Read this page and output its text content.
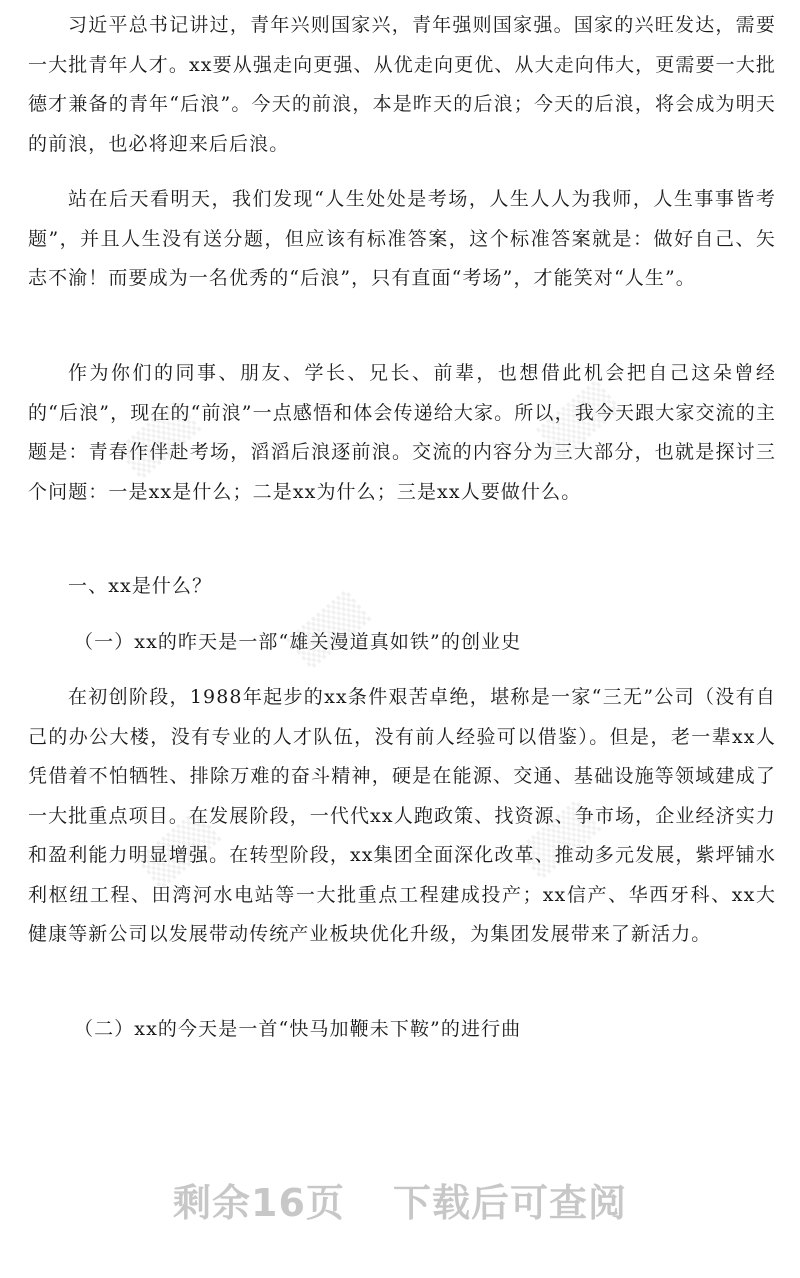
▒▒▒	▒▒▒
▒▒▒
▒▒▒	▒▒▒

习近平总书记讲过，青年兴则国家兴，青年强则国家强。国家的兴旺发达，需要一大批青年人才。xx要从强走向更强、从优走向更优、从大走向伟大，更需要一大批德才兼备的青年“后浪”。今天的前浪，本是昨天的后浪；今天的后浪，将会成为明天的前浪，也必将迎来后后浪。

站在后天看明天，我们发现“人生处处是考场，人生人人为我师，人生事事皆考题”，并且人生没有送分题，但应该有标准答案，这个标准答案就是：做好自己、矢志不渝！而要成为一名优秀的“后浪”，只有直面“考场”，才能笑对“人生”。

作为你们的同事、朋友、学长、兄长、前辈，也想借此机会把自己这朵曾经的“后浪”，现在的“前浪”一点感悟和体会传递给大家。所以，我今天跟大家交流的主题是：青春作伴赴考场，滔滔后浪逐前浪。交流的内容分为三大部分，也就是探讨三个问题：一是xx是什么；二是xx为什么；三是xx人要做什么。

一、xx是什么？

（一）xx的昨天是一部“雄关漫道真如铁”的创业史

在初创阶段，1988年起步的xx条件艰苦卓绝，堪称是一家“三无”公司（没有自己的办公大楼，没有专业的人才队伍，没有前人经验可以借鉴）。但是，老一辈xx人凭借着不怕牺牲、排除万难的奋斗精神，硬是在能源、交通、基础设施等领域建成了一大批重点项目。在发展阶段，一代代xx人跑政策、找资源、争市场，企业经济实力和盈利能力明显增强。在转型阶段，xx集团全面深化改革、推动多元发展，紫坪铺水利枢纽工程、田湾河水电站等一大批重点工程建成投产；xx信产、华西牙科、xx大健康等新公司以发展带动传统产业板块优化升级，为集团发展带来了新活力。

（二）xx的今天是一首“快马加鞭未下鞍”的进行曲

剩余16页 下载后可查阅
